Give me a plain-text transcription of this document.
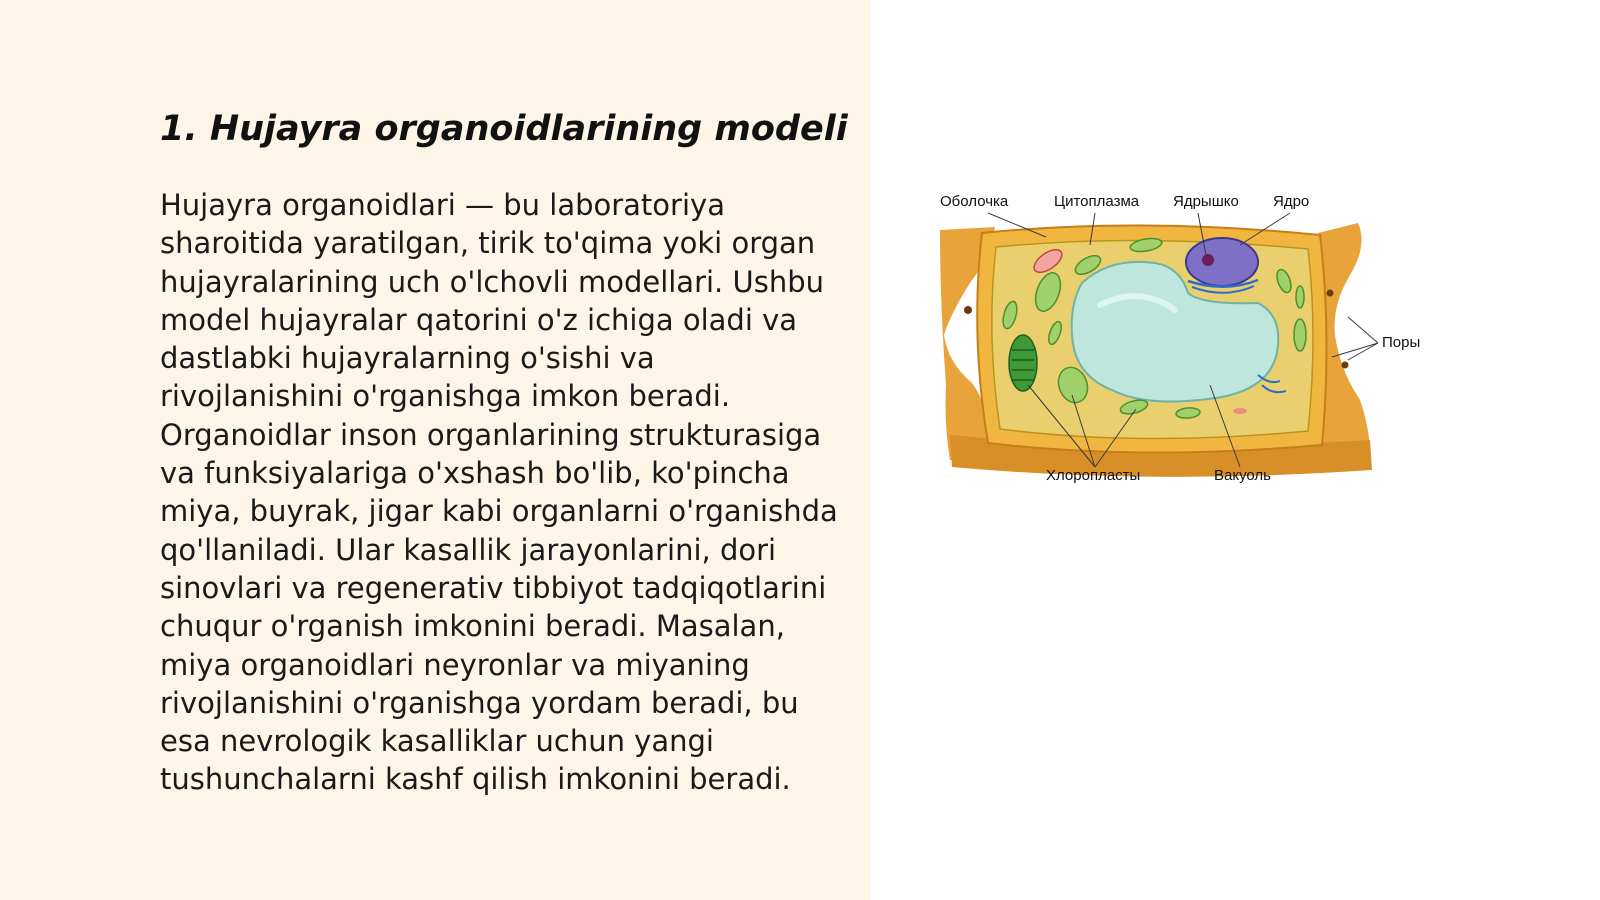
1. Hujayra organoidlarining modeli

Hujayra organoidlari — bu laboratoriya sharoitida yaratilgan, tirik to'qima yoki organ hujayralarining uch o'lchovli modellari. Ushbu model hujayralar qatorini o'z ichiga oladi va dastlabki hujayralarning o'sishi va rivojlanishini o'rganishga imkon beradi. Organoidlar inson organlarining strukturasiga va funksiyalariga o'xshash bo'lib, ko'pincha miya, buyrak, jigar kabi organlarni o'rganishda qo'llaniladi. Ular kasallik jarayonlarini, dori sinovlari va regenerativ tibbiyot tadqiqotlarini chuqur o'rganish imkonini beradi. Masalan, miya organoidlari neyronlar va miyaning rivojlanishini o'rganishga yordam beradi, bu esa nevrologik kasalliklar uchun yangi tushunchalarni kashf qilish imkonini beradi.

Оболочка	Цитоплазма Ядрышко Ядро
Поры
Хлоропласты	Вакуоль
